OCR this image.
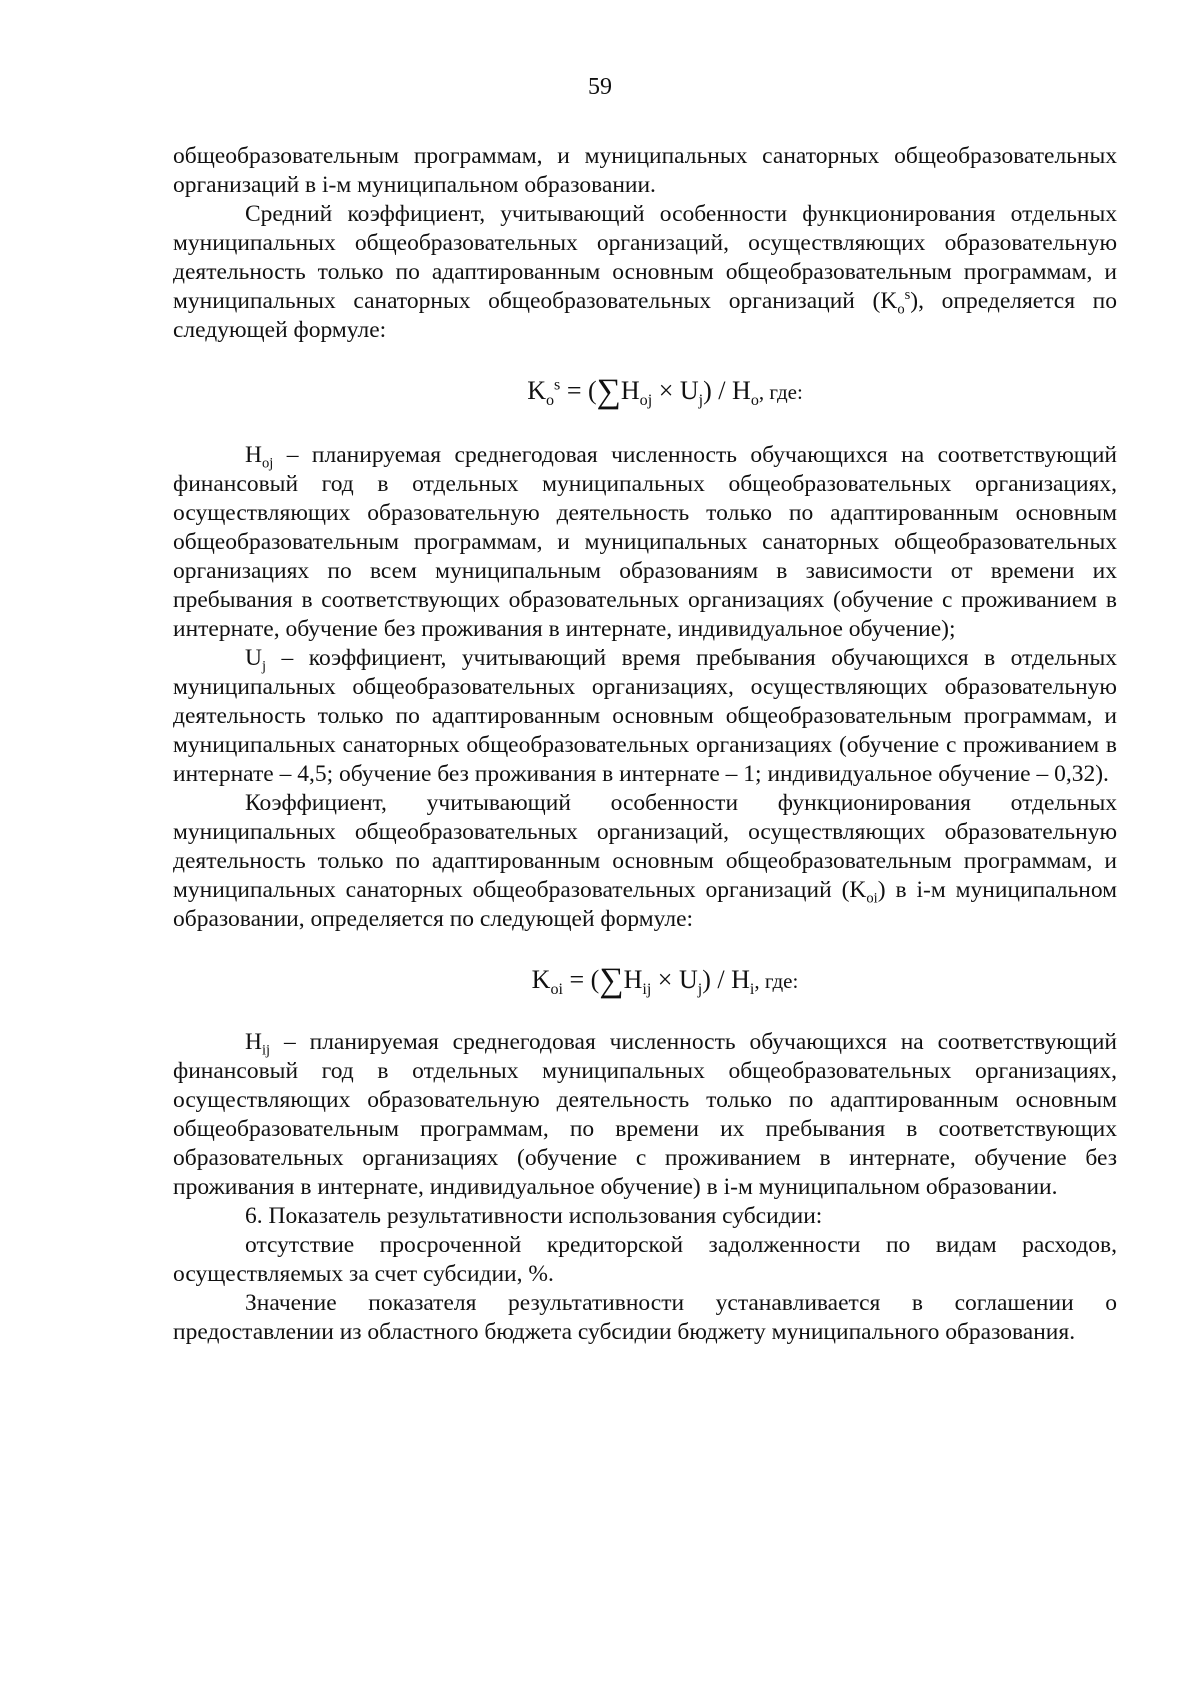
59

общеобразовательным программам, и муниципальных санаторных общеобразовательных организаций в i-м муниципальном образовании.

Средний коэффициент, учитывающий особенности функционирования отдельных муниципальных общеобразовательных организаций, осуществляющих образовательную деятельность только по адаптированным основным общеобразовательным программам, и муниципальных санаторных общеобразовательных организаций $(K_o^s)$, определяется по следующей формуле:

$K_o^s = (\sum H_{oj} \times U_j) / H_o$, где:

$H_{oj}$ – планируемая среднегодовая численность обучающихся на соответствующий финансовый год в отдельных муниципальных общеобразовательных организациях, осуществляющих образовательную деятельность только по адаптированным основным общеобразовательным программам, и муниципальных санаторных общеобразовательных организациях по всем муниципальным образованиям в зависимости от времени их пребывания в соответствующих образовательных организациях (обучение с проживанием в интернате, обучение без проживания в интернате, индивидуальное обучение);

$U_j$ – коэффициент, учитывающий время пребывания обучающихся в отдельных муниципальных общеобразовательных организациях, осуществляющих образовательную деятельность только по адаптированным основным общеобразовательным программам, и муниципальных санаторных общеобразовательных организациях (обучение с проживанием в интернате – 4,5; обучение без проживания в интернате – 1; индивидуальное обучение – 0,32).

Коэффициент, учитывающий особенности функционирования отдельных муниципальных общеобразовательных организаций, осуществляющих образовательную деятельность только по адаптированным основным общеобразовательным программам, и муниципальных санаторных общеобразовательных организаций $(K_{oi})$ в i-м муниципальном образовании, определяется по следующей формуле:

$K_{oi} = (\sum H_{ij} \times U_j) / H_i$, где:

$H_{ij}$ – планируемая среднегодовая численность обучающихся на соответствующий финансовый год в отдельных муниципальных общеобразовательных организациях, осуществляющих образовательную деятельность только по адаптированным основным общеобразовательным программам, по времени их пребывания в соответствующих образовательных организациях (обучение с проживанием в интернате, обучение без проживания в интернате, индивидуальное обучение) в i-м муниципальном образовании.

6. Показатель результативности использования субсидии:

отсутствие просроченной кредиторской задолженности по видам расходов, осуществляемых за счет субсидии, %.

Значение показателя результативности устанавливается в соглашении о предоставлении из областного бюджета субсидии бюджету муниципального образования.
